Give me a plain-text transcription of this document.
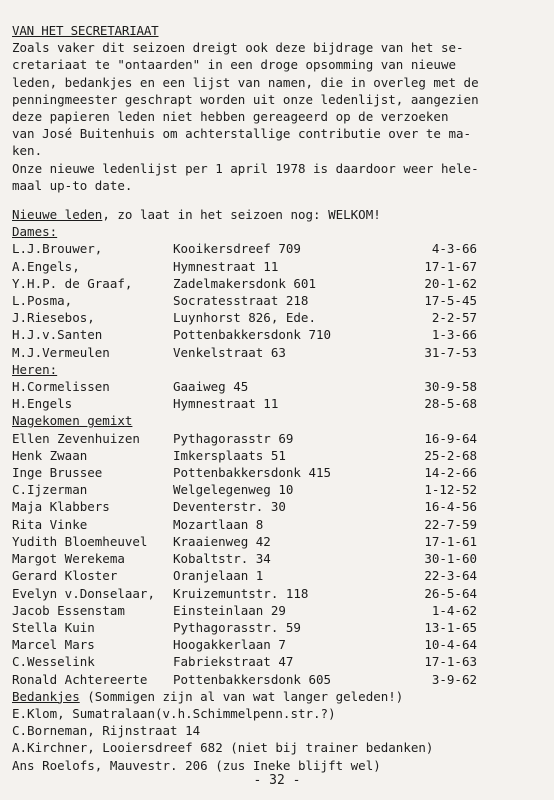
VAN HET SECRETARIAAT

Zoals vaker dit seizoen dreigt ook deze bijdrage van het se-

cretariaat te "ontaarden" in een droge opsomming van nieuwe

leden, bedankjes en een lijst van namen, die in overleg met de

penningmeester geschrapt worden uit onze ledenlijst, aangezien

deze papieren leden niet hebben gereageerd op de verzoeken

van José Buitenhuis om achterstallige contributie over te ma-

ken.

Onze nieuwe ledenlijst per 1 april 1978 is daardoor weer hele-

maal up-to date.

Nieuwe leden, zo laat in het seizoen nog: WELKOM!
Dames:
L.J.Brouwer,	Kooikersdreef 709	4-3-66
A.Engels,	Hymnestraat 11	17-1-67
Y.H.P. de Graaf,	Zadelmakersdonk 601	20-1-62
L.Posma,	Socratesstraat 218	17-5-45
J.Riesebos,	Luynhorst 826, Ede.	2-2-57
H.J.v.Santen	Pottenbakkersdonk 710	1-3-66
M.J.Vermeulen	Venkelstraat 63	31-7-53
Heren:
H.Cormelissen	Gaaiweg 45	30-9-58
H.Engels	Hymnestraat 11	28-5-68
Nagekomen gemixt
Ellen Zevenhuizen	Pythagorasstr 69	16-9-64
Henk Zwaan	Imkersplaats 51	25-2-68
Inge Brussee	Pottenbakkersdonk 415	14-2-66
C.Ijzerman	Welgelegenweg 10	1-12-52
Maja Klabbers	Deventerstr. 30	16-4-56
Rita Vinke	Mozartlaan 8	22-7-59
Yudith Bloemheuvel	Kraaienweg 42	17-1-61
Margot Werekema	Kobaltstr. 34	30-1-60
Gerard Kloster	Oranjelaan 1	22-3-64
Evelyn v.Donselaar,	Kruizemuntstr. 118	26-5-64
Jacob Essenstam	Einsteinlaan 29	1-4-62
Stella Kuin	Pythagorasstr. 59	13-1-65
Marcel Mars	Hoogakkerlaan 7	10-4-64
C.Wesselink	Fabriekstraat 47	17-1-63
Ronald Achtereerte	Pottenbakkersdonk 605	3-9-62
Bedankjes (Sommigen zijn al van wat langer geleden!)
E.Klom, Sumatralaan(v.h.Schimmelpenn.str.?)
C.Borneman, Rijnstraat 14
A.Kirchner, Looiersdreef 682 (niet bij trainer bedanken)
Ans Roelofs, Mauvestr. 206 (zus Ineke blijft wel)
- 32 -
